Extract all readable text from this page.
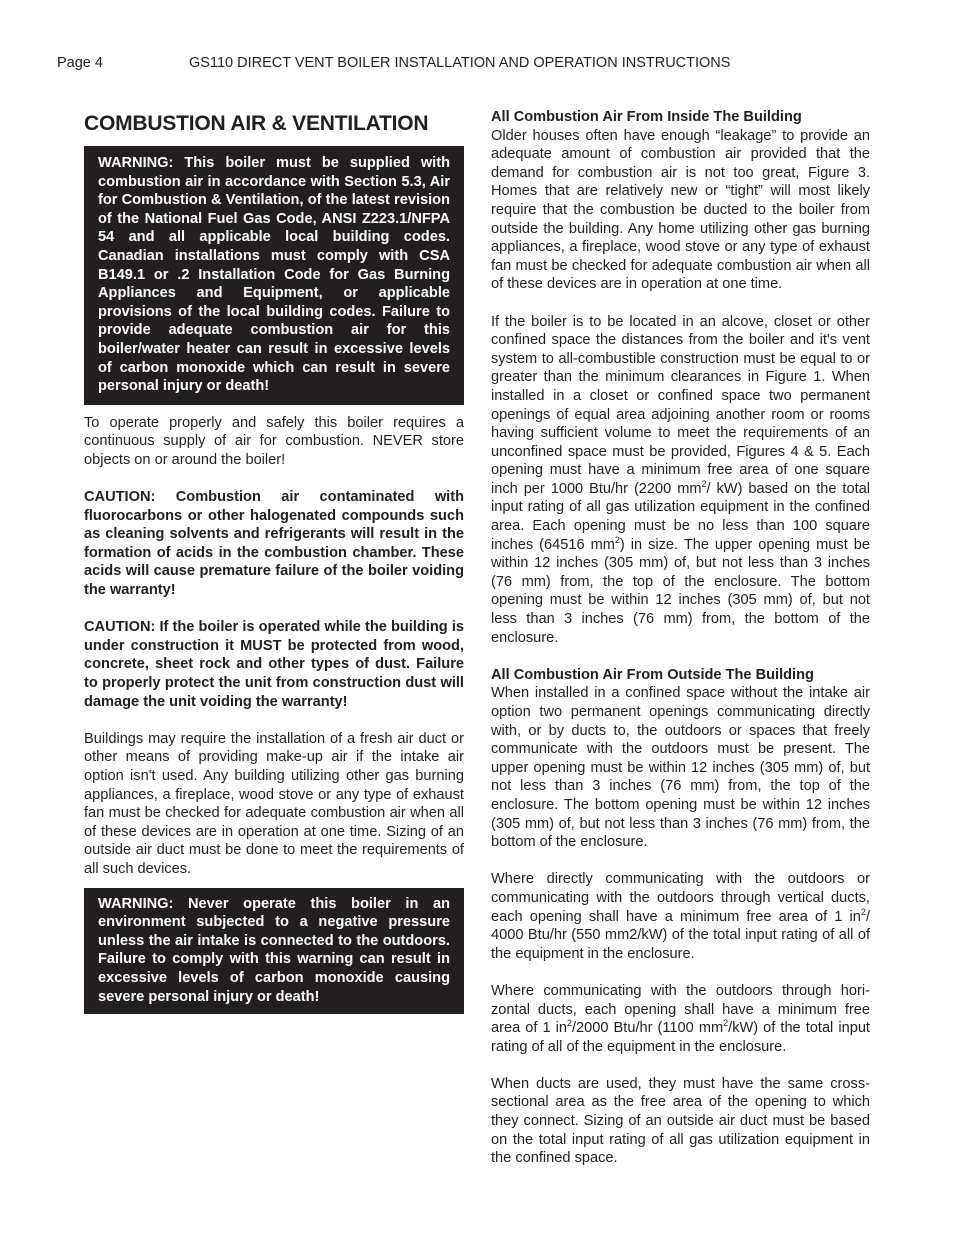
Page 4	GS110 DIRECT VENT BOILER INSTALLATION AND OPERATION INSTRUCTIONS
COMBUSTION AIR & VENTILATION

WARNING: This boiler must be supplied with combustion air in accordance with Section 5.3, Air for Combustion & Ventilation, of the latest revision of the National Fuel Gas Code, ANSI Z223.1/NFPA 54 and all applicable local building codes. Canadian installations must comply with CSA B149.1 or .2 Installation Code for Gas Burning Appliances and Equipment, or applicable provisions of the local building codes. Failure to provide adequate combustion air for this boiler/water heater can result in excessive levels of carbon monoxide which can result in severe personal injury or death!

To operate properly and safely this boiler requires a continuous supply of air for combustion. NEVER store objects on or around the boiler!

CAUTION: Combustion air contaminated with fluorocarbons or other halogenated compounds such as cleaning solvents and refrigerants will result in the formation of acids in the combustion chamber. These acids will cause premature failure of the boiler voiding the warranty!

CAUTION: If the boiler is operated while the building is under construction it MUST be protected from wood, concrete, sheet rock and other types of dust. Failure to properly protect the unit from construction dust will damage the unit voiding the warranty!

Buildings may require the installation of a fresh air duct or other means of providing make-up air if the intake air option isn't used. Any building utilizing other gas burning appliances, a fireplace, wood stove or any type of exhaust fan must be checked for adequate combustion air when all of these devices are in operation at one time. Sizing of an outside air duct must be done to meet the requirements of all such devices.

WARNING: Never operate this boiler in an environment subjected to a negative pressure unless the air intake is connected to the outdoors. Failure to comply with this warning can result in excessive levels of carbon monoxide causing severe personal injury or death!

All Combustion Air From Inside The Building
Older houses often have enough “leakage” to provide an adequate amount of combustion air provided that the demand for combustion air is not too great, Figure 3. Homes that are relatively new or “tight” will most likely require that the combustion be ducted to the boiler from outside the building. Any home utilizing other gas burning appliances, a fireplace, wood stove or any type of exhaust fan must be checked for adequate combustion air when all of these devices are in operation at one time.

If the boiler is to be located in an alcove, closet or other confined space the distances from the boiler and it's vent system to all-combustible construction must be equal to or greater than the minimum clearances in Figure 1. When installed in a closet or confined space two permanent openings of equal area adjoining another room or rooms having sufficient volume to meet the requirements of an unconfined space must be provided, Figures 4 & 5. Each opening must have a minimum free area of one square inch per 1000 Btu/hr (2200 $mm^2/$ kW) based on the total input rating of all gas utilization equipment in the confined area. Each opening must be no less than 100 square inches (64516 $mm^2$) in size. The upper opening must be within 12 inches (305 mm) of, but not less than 3 inches (76 mm) from, the top of the enclosure. The bottom opening must be within 12 inches (305 mm) of, but not less than 3 inches (76 mm) from, the bottom of the enclosure.

All Combustion Air From Outside The Building
When installed in a confined space without the intake air option two permanent openings communicating directly with, or by ducts to, the outdoors or spaces that freely communicate with the outdoors must be present. The upper opening must be within 12 inches (305 mm) of, but not less than 3 inches (76 mm) from, the top of the enclosure. The bottom opening must be within 12 inches (305 mm) of, but not less than 3 inches (76 mm) from, the bottom of the enclosure.

Where directly communicating with the outdoors or communicating with the outdoors through vertical ducts, each opening shall have a minimum free area of 1 $in^2/$ 4000 Btu/hr (550 mm2/kW) of the total input rating of all of the equipment in the enclosure.

Where communicating with the outdoors through hori- zontal ducts, each opening shall have a minimum free area of 1 $in^2/2000$ Btu/hr (1100 $mm^2/kW$) of the total input rating of all of the equipment in the enclosure.

When ducts are used, they must have the same cross- sectional area as the free area of the opening to which they connect. Sizing of an outside air duct must be based on the total input rating of all gas utilization equipment in the confined space.
